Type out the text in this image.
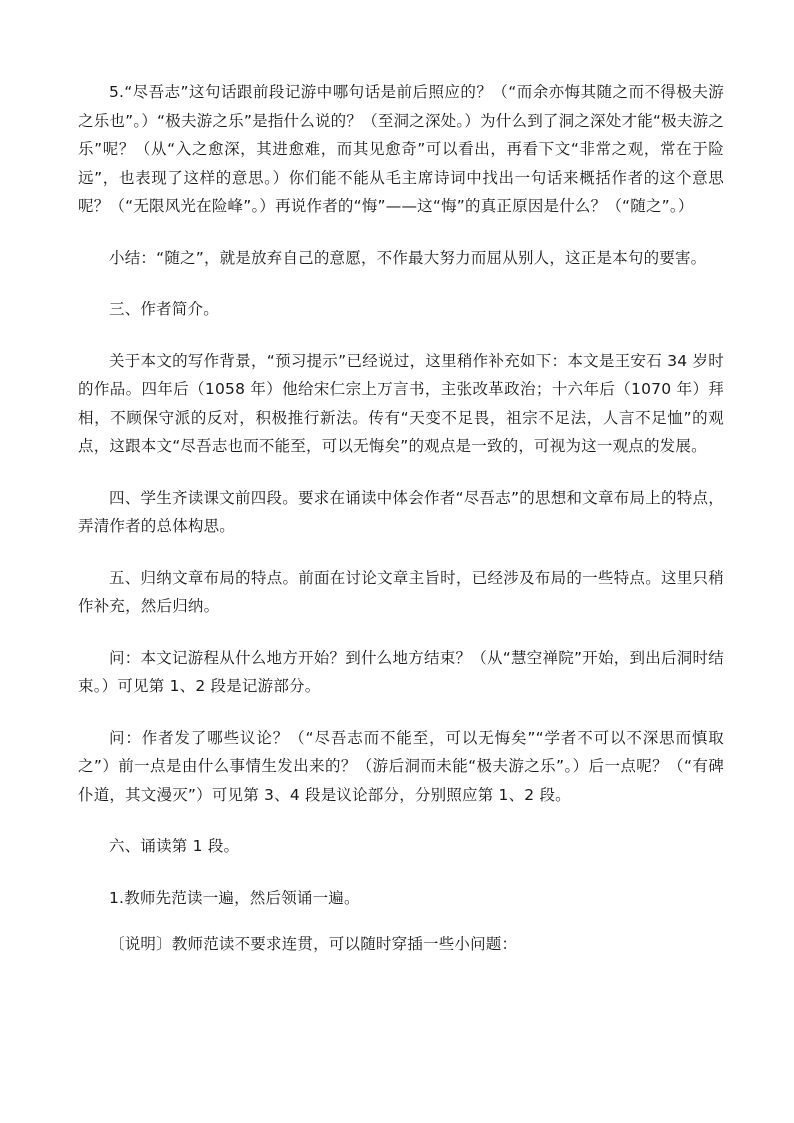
5.“尽吾志”这句话跟前段记游中哪句话是前后照应的？（“而余亦悔其随之而不得极夫游之乐也”。）“极夫游之乐”是指什么说的？（至洞之深处。）为什么到了洞之深处才能“极夫游之乐”呢？（从“入之愈深，其进愈难，而其见愈奇”可以看出，再看下文“非常之观，常在于险远”，也表现了这样的意思。）你们能不能从毛主席诗词中找出一句话来概括作者的这个意思呢？（“无限风光在险峰”。）再说作者的“悔”——这“悔”的真正原因是什么？（“随之”。）

小结：“随之”，就是放弃自己的意愿，不作最大努力而屈从别人，这正是本句的要害。

三、作者简介。

关于本文的写作背景，“预习提示”已经说过，这里稍作补充如下：本文是王安石 34 岁时的作品。四年后（1058 年）他给宋仁宗上万言书，主张改革政治；十六年后（1070 年）拜相，不顾保守派的反对，积极推行新法。传有“天变不足畏，祖宗不足法，人言不足恤”的观点，这跟本文“尽吾志也而不能至，可以无悔矣”的观点是一致的，可视为这一观点的发展。

四、学生齐读课文前四段。要求在诵读中体会作者“尽吾志”的思想和文章布局上的特点，弄清作者的总体构思。

五、归纳文章布局的特点。前面在讨论文章主旨时，已经涉及布局的一些特点。这里只稍作补充，然后归纳。

问：本文记游程从什么地方开始？到什么地方结束？（从“慧空禅院”开始，到出后洞时结束。）可见第 1、2 段是记游部分。

问：作者发了哪些议论？（“尽吾志而不能至，可以无悔矣”“学者不可以不深思而慎取之”）前一点是由什么事情生发出来的？（游后洞而未能“极夫游之乐”。）后一点呢？（“有碑仆道，其文漫灭”）可见第 3、4 段是议论部分，分别照应第 1、2 段。

六、诵读第 1 段。

1.教师先范读一遍，然后领诵一遍。

〔说明〕教师范读不要求连贯，可以随时穿插一些小问题：
